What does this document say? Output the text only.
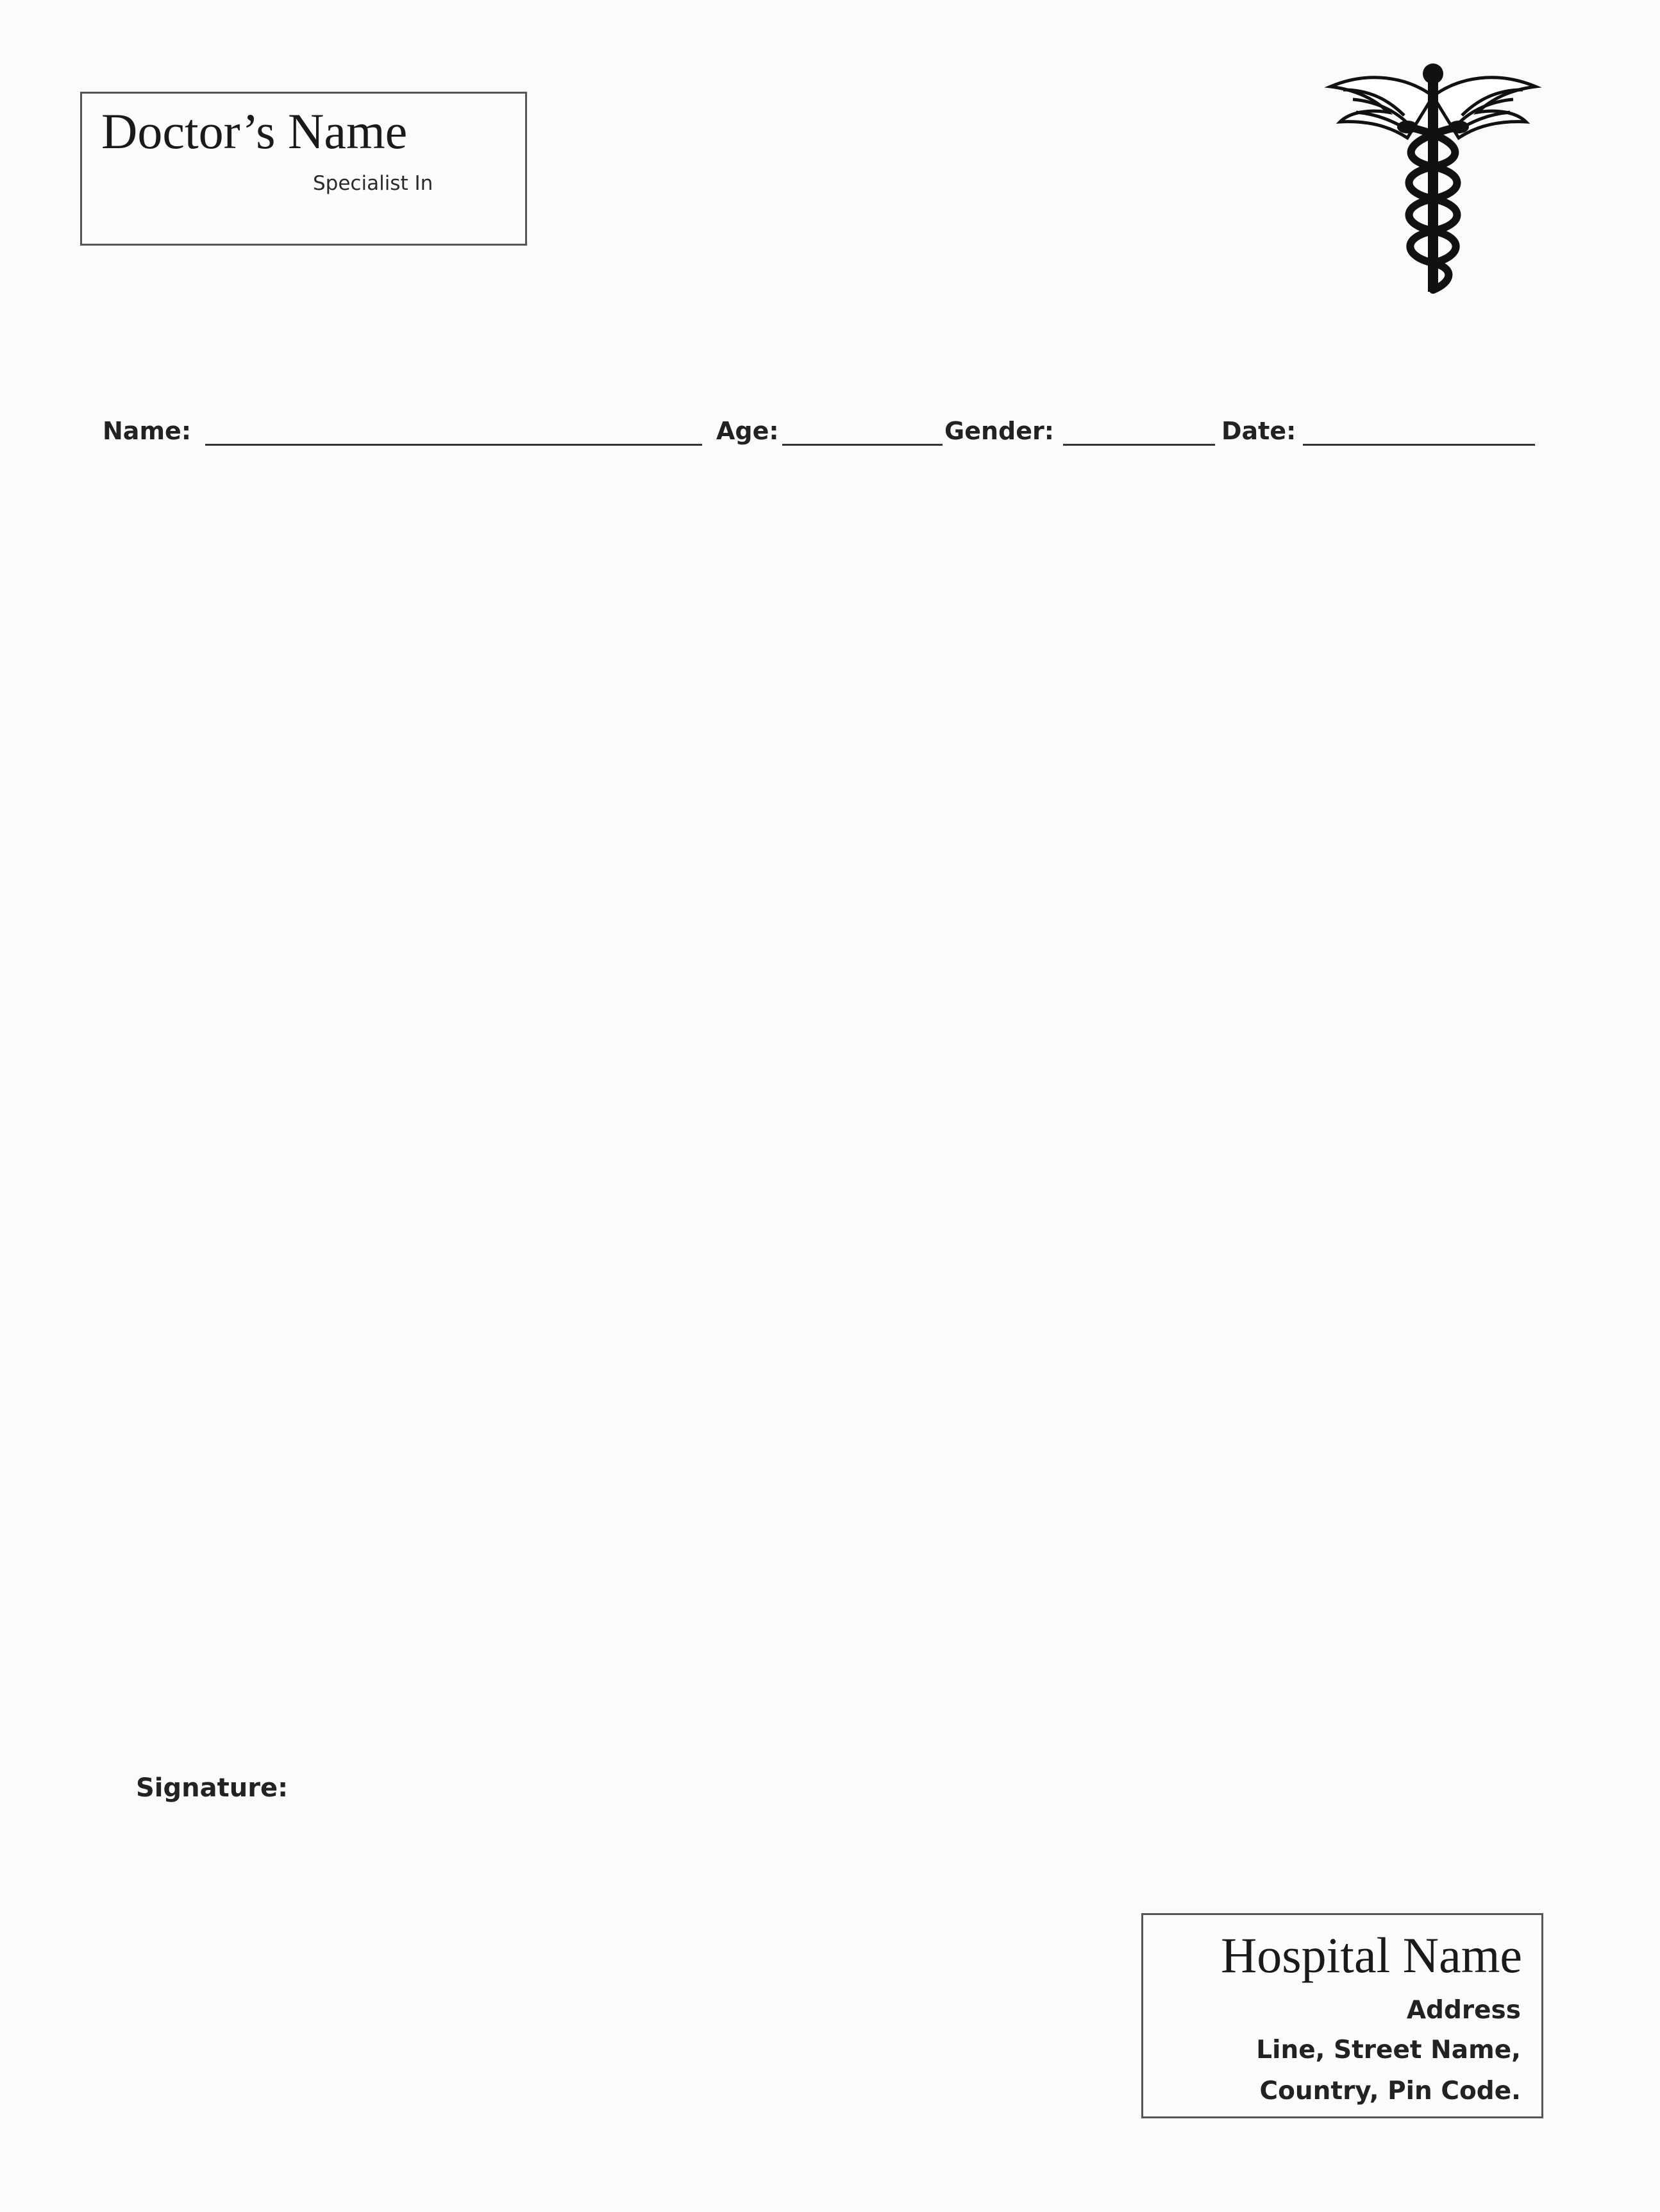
Doctor’s Name
Specialist In
Name:	Age:	Gender:	Date:
Signature:
Hospital Name
Address
Line, Street Name,
Country, Pin Code.
